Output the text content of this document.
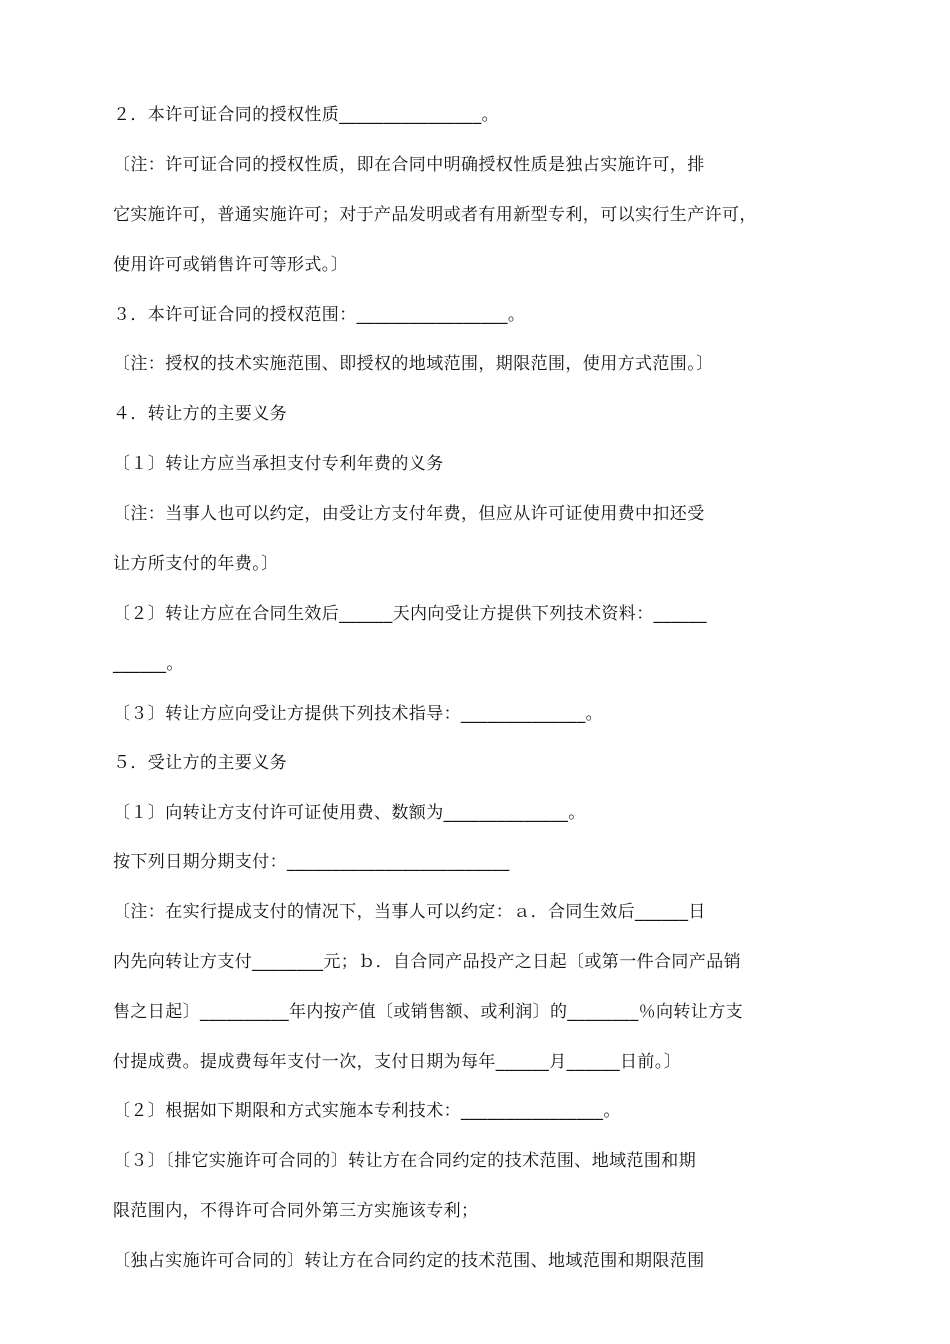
２．本许可证合同的授权性质________________。
〔注：许可证合同的授权性质，即在合同中明确授权性质是独占实施许可，排
它实施许可，普通实施许可；对于产品发明或者有用新型专利，可以实行生产许可，
使用许可或销售许可等形式。〕
３．本许可证合同的授权范围：_________________。
〔注：授权的技术实施范围、即授权的地域范围，期限范围，使用方式范围。〕
４．转让方的主要义务
〔１〕转让方应当承担支付专利年费的义务
〔注：当事人也可以约定，由受让方支付年费，但应从许可证使用费中扣还受
让方所支付的年费。〕
〔２〕转让方应在合同生效后______天内向受让方提供下列技术资料：______
______。
〔３〕转让方应向受让方提供下列技术指导：______________。
５．受让方的主要义务
〔１〕向转让方支付许可证使用费、数额为______________。
按下列日期分期支付：_________________________
〔注：在实行提成支付的情况下，当事人可以约定：ａ．合同生效后______日
内先向转让方支付________元；ｂ．自合同产品投产之日起〔或第一件合同产品销
售之日起〕__________年内按产值〔或销售额、或利润〕的________％向转让方支
付提成费。提成费每年支付一次，支付日期为每年______月______日前。〕
〔２〕根据如下期限和方式实施本专利技术：________________。
〔３〕〔排它实施许可合同的〕转让方在合同约定的技术范围、地域范围和期
限范围内，不得许可合同外第三方实施该专利；
〔独占实施许可合同的〕转让方在合同约定的技术范围、地域范围和期限范围
